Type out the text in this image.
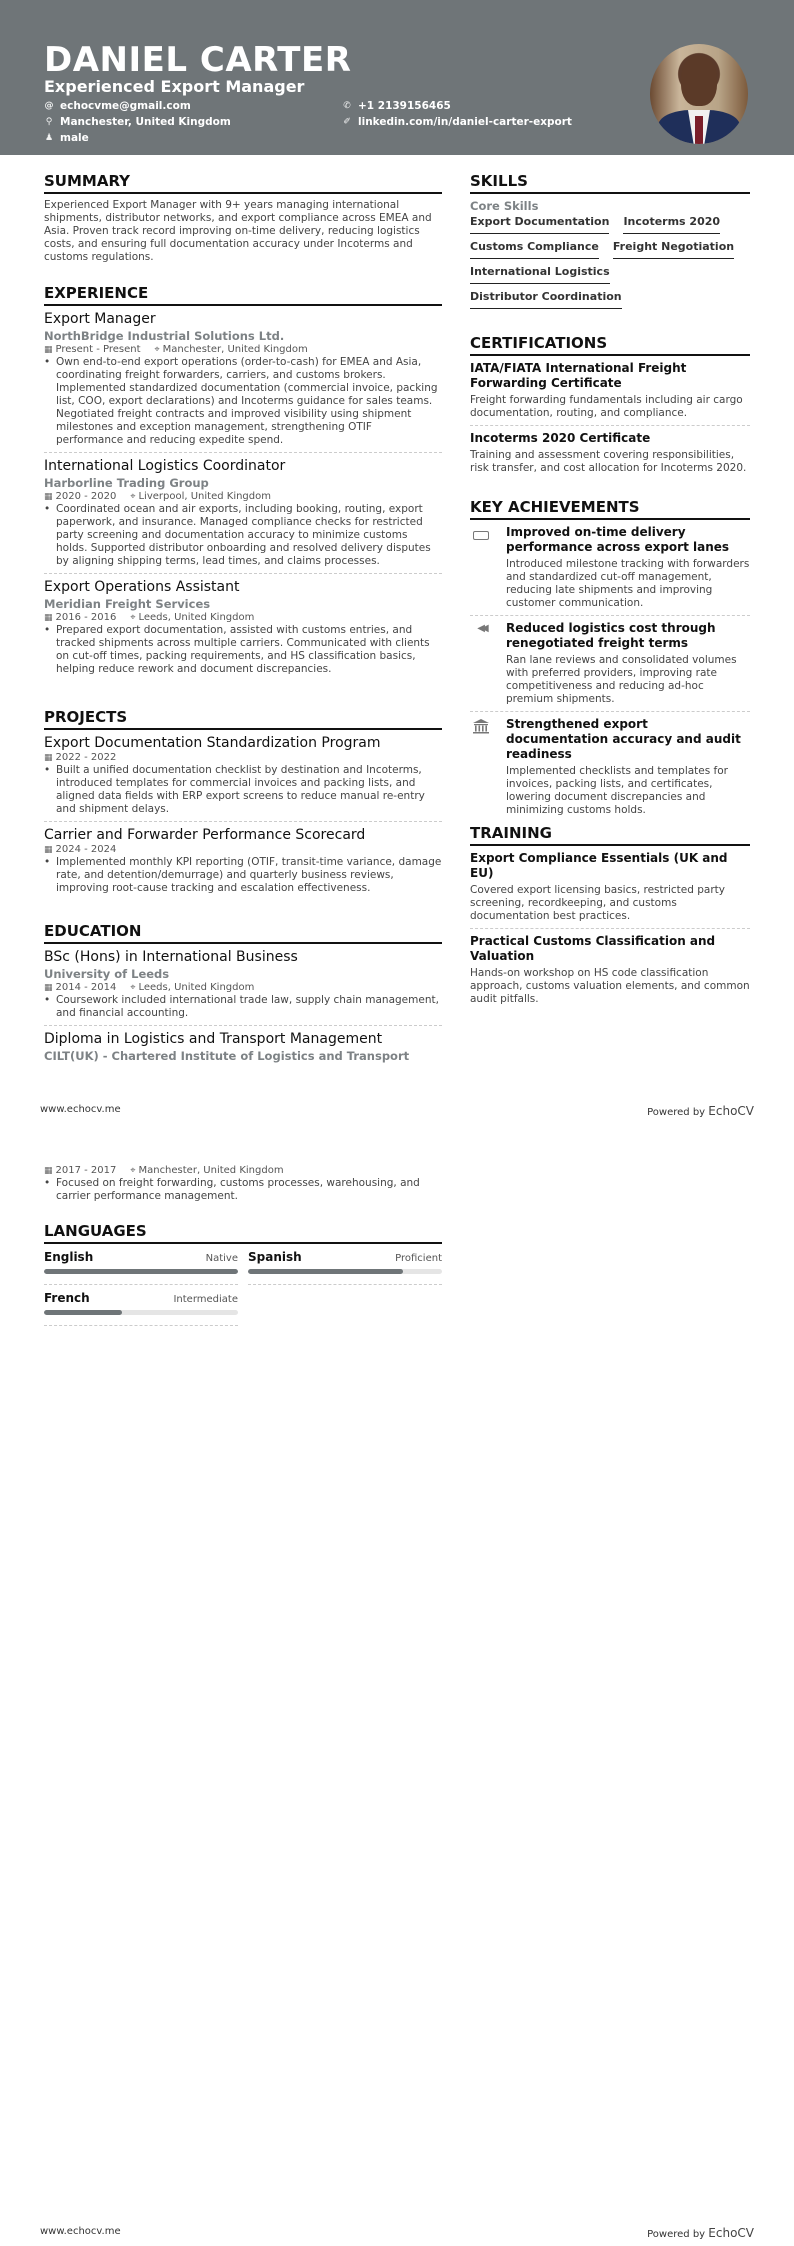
DANIEL CARTER
Experienced Export Manager
@ echocvme@gmail.com
⚲ Manchester, United Kingdom
♟ male
✆ +1 2139156465
✐ linkedin.com/in/daniel-carter-export
SUMMARY
Experienced Export Manager with 9+ years managing international shipments, distributor networks, and export compliance across EMEA and Asia. Proven track record improving on-time delivery, reducing logistics costs, and ensuring full documentation accuracy under Incoterms and customs regulations.
EXPERIENCE
Export Manager
NorthBridge Industrial Solutions Ltd.
▦ Present - Present ⌖ Manchester, United Kingdom
• Own end-to-end export operations (order-to-cash) for EMEA and Asia, coordinating freight forwarders, carriers, and customs brokers. Implemented standardized documentation (commercial invoice, packing list, COO, export declarations) and Incoterms guidance for sales teams. Negotiated freight contracts and improved visibility using shipment milestones and exception management, strengthening OTIF performance and reducing expedite spend.
International Logistics Coordinator
Harborline Trading Group
▦ 2020 - 2020 ⌖ Liverpool, United Kingdom
• Coordinated ocean and air exports, including booking, routing, export paperwork, and insurance. Managed compliance checks for restricted party screening and documentation accuracy to minimize customs holds. Supported distributor onboarding and resolved delivery disputes by aligning shipping terms, lead times, and claims processes.
Export Operations Assistant
Meridian Freight Services
▦ 2016 - 2016 ⌖ Leeds, United Kingdom
• Prepared export documentation, assisted with customs entries, and tracked shipments across multiple carriers. Communicated with clients on cut-off times, packing requirements, and HS classification basics, helping reduce rework and document discrepancies.
PROJECTS
Export Documentation Standardization Program
▦ 2022 - 2022
• Built a unified documentation checklist by destination and Incoterms, introduced templates for commercial invoices and packing lists, and aligned data fields with ERP export screens to reduce manual re-entry and shipment delays.
Carrier and Forwarder Performance Scorecard
▦ 2024 - 2024
• Implemented monthly KPI reporting (OTIF, transit-time variance, damage rate, and detention/demurrage) and quarterly business reviews, improving root-cause tracking and escalation effectiveness.
EDUCATION
BSc (Hons) in International Business
University of Leeds
▦ 2014 - 2014 ⌖ Leeds, United Kingdom
• Coursework included international trade law, supply chain management, and financial accounting.
Diploma in Logistics and Transport Management
CILT(UK) - Chartered Institute of Logistics and Transport
www.echocv.me	Powered by EchoCV
▦ 2017 - 2017 ⌖ Manchester, United Kingdom
• Focused on freight forwarding, customs processes, warehousing, and carrier performance management.
LANGUAGES
English	Native Spanish	Proficient
French	Intermediate
SKILLS
Core Skills
Export Documentation Incoterms 2020
Customs Compliance Freight Negotiation
International Logistics
Distributor Coordination
CERTIFICATIONS
IATA/FIATA International Freight Forwarding Certificate
Freight forwarding fundamentals including air cargo documentation, routing, and compliance.
Incoterms 2020 Certificate
Training and assessment covering responsibilities, risk transfer, and cost allocation for Incoterms 2020.
KEY ACHIEVEMENTS
Improved on-time delivery performance across export lanes
Introduced milestone tracking with forwarders and standardized cut-off management, reducing late shipments and improving customer communication.
◀◀	Reduced logistics cost through renegotiated freight terms
Ran lane reviews and consolidated volumes with preferred providers, improving rate competitiveness and reducing ad-hoc premium shipments.
Strengthened export documentation accuracy and audit readiness
Implemented checklists and templates for invoices, packing lists, and certificates, lowering document discrepancies and minimizing customs holds.
TRAINING
Export Compliance Essentials (UK and EU)
Covered export licensing basics, restricted party screening, recordkeeping, and customs documentation best practices.
Practical Customs Classification and Valuation
Hands-on workshop on HS code classification approach, customs valuation elements, and common audit pitfalls.
www.echocv.me	Powered by EchoCV
